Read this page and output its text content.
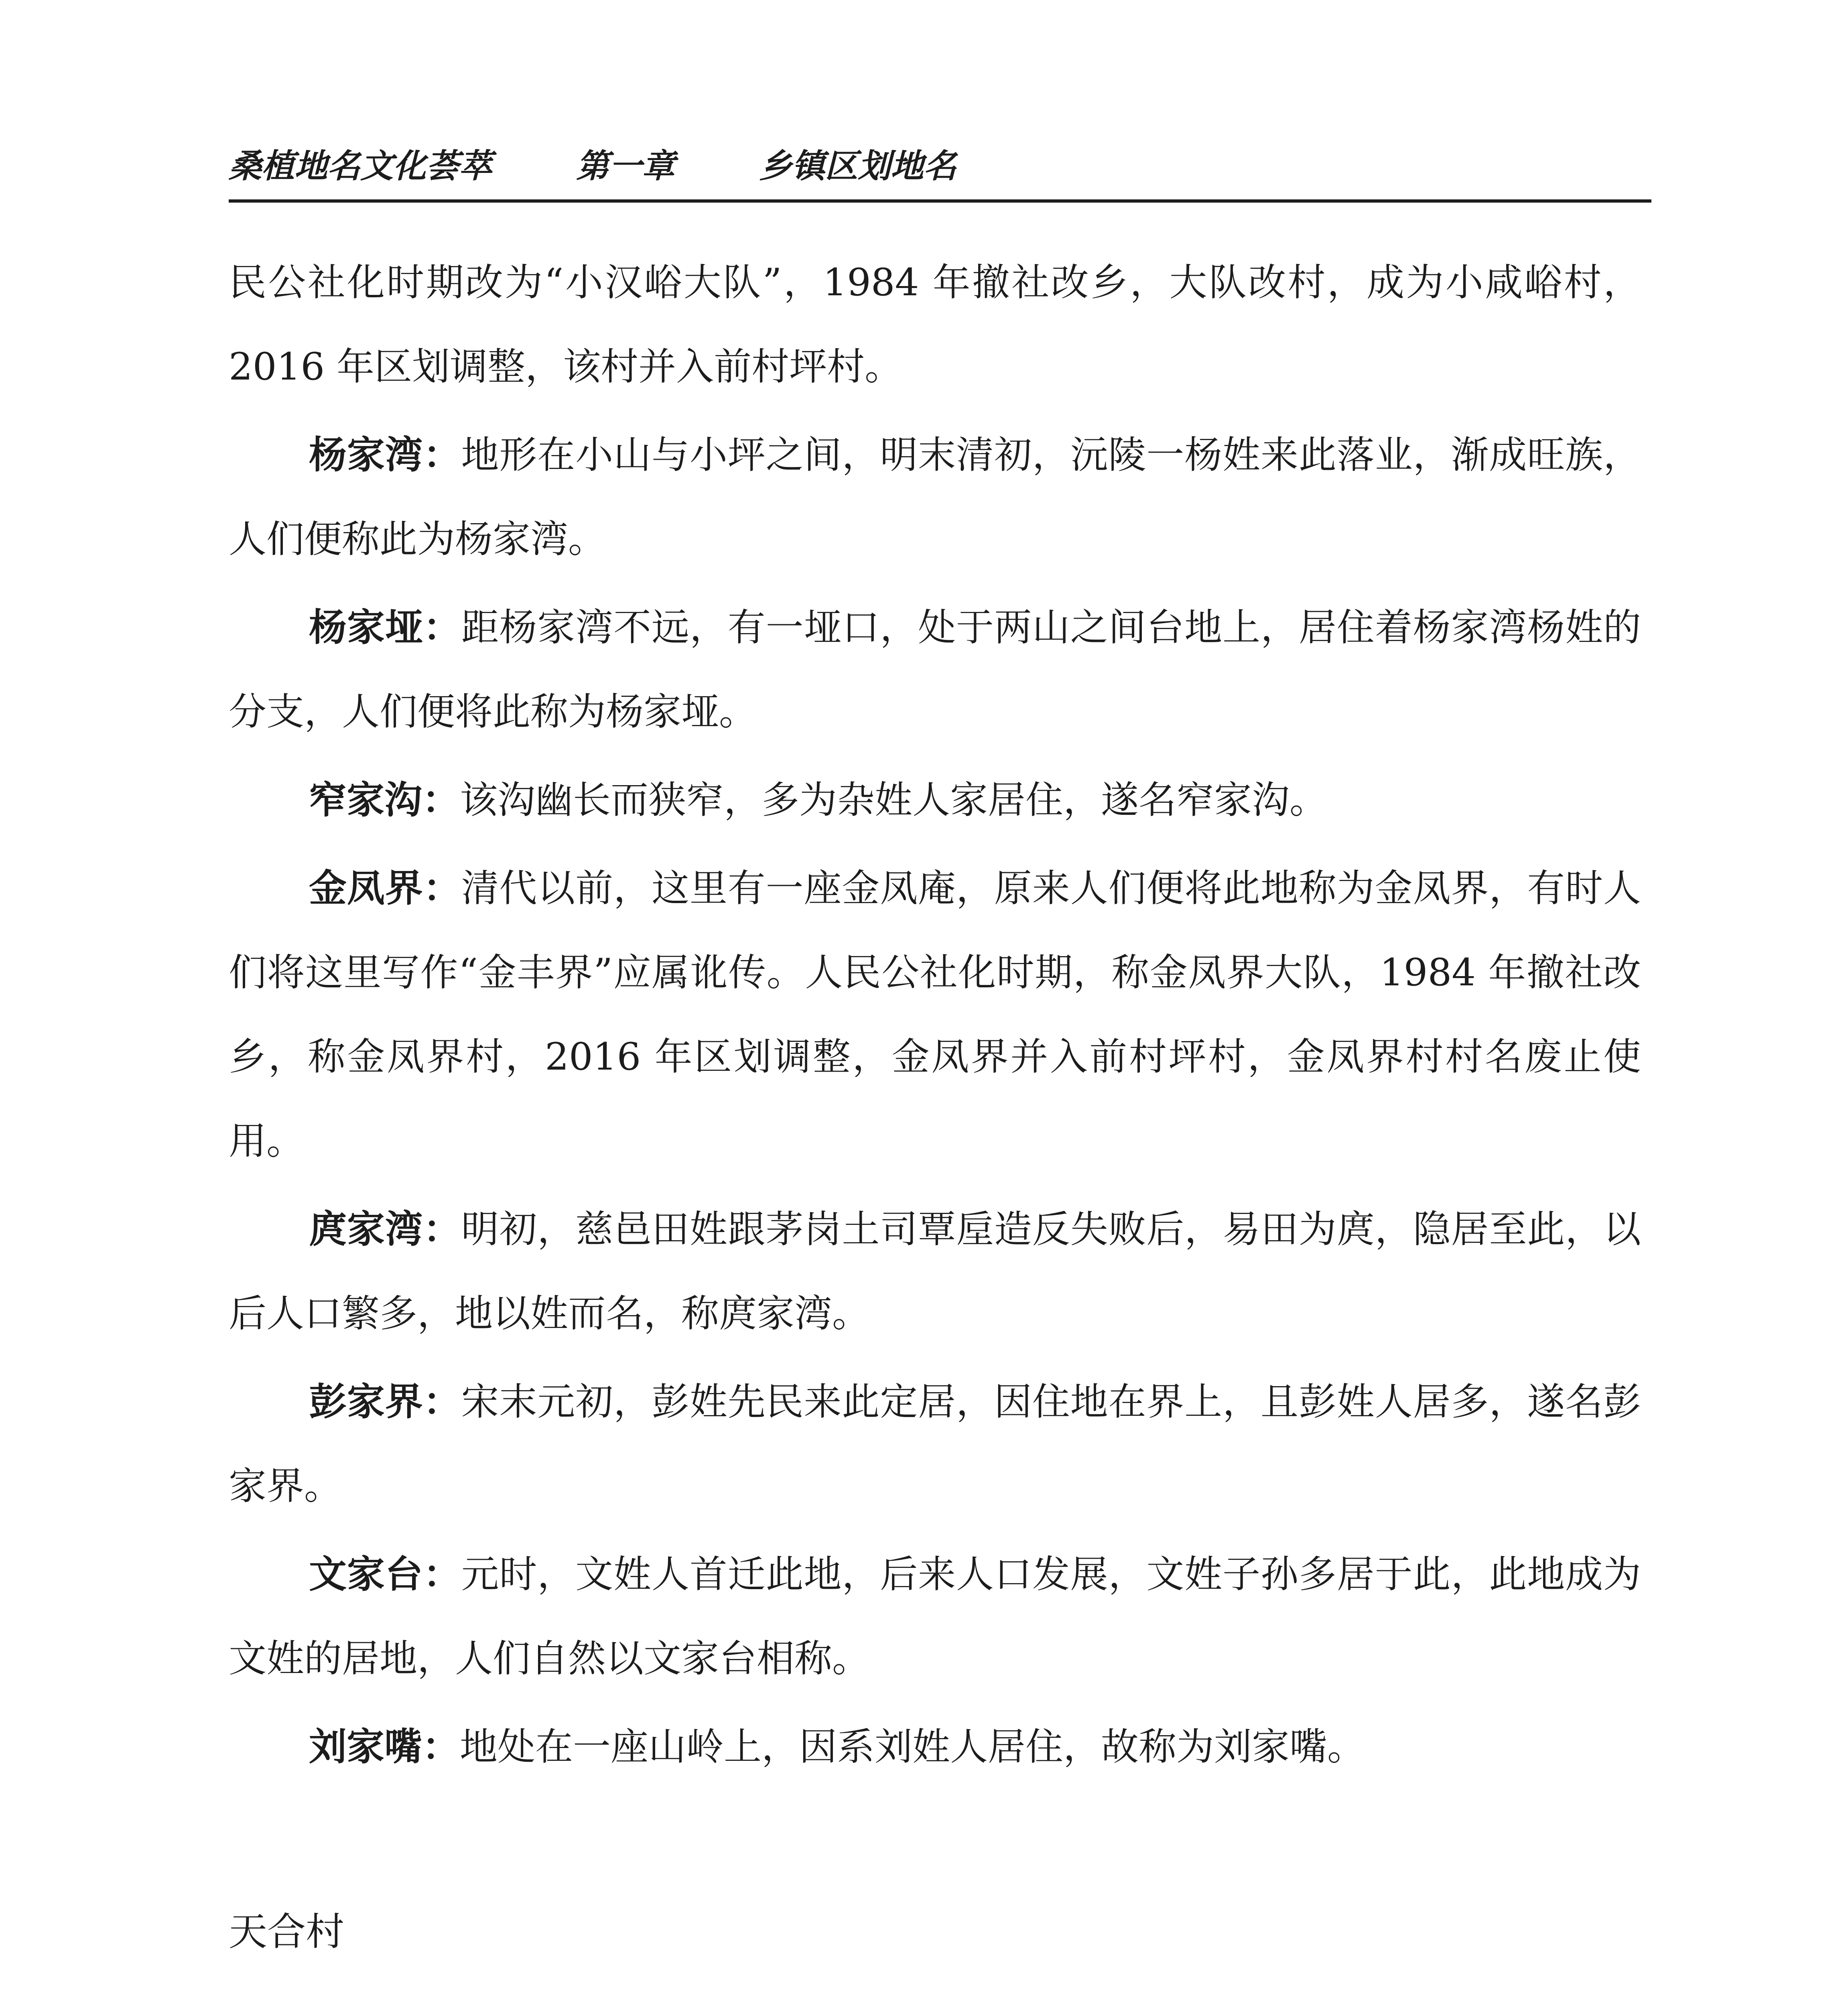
桑植地名文化荟萃	第一章	乡镇区划地名

民公社化时期改为“小汉峪大队”，1984 年撤社改乡，大队改村，成为小咸峪村，2016 年区划调整，该村并入前村坪村。

杨家湾：地形在小山与小坪之间，明末清初，沅陵一杨姓来此落业，渐成旺族，人们便称此为杨家湾。

杨家垭：距杨家湾不远，有一垭口，处于两山之间台地上，居住着杨家湾杨姓的分支，人们便将此称为杨家垭。

窄家沟：该沟幽长而狭窄，多为杂姓人家居住，遂名窄家沟。

金凤界：清代以前，这里有一座金凤庵，原来人们便将此地称为金凤界，有时人们将这里写作“金丰界”应属讹传。人民公社化时期，称金凤界大队，1984 年撤社改乡，称金凤界村，2016 年区划调整，金凤界并入前村坪村，金凤界村村名废止使用。

庹家湾：明初，慈邑田姓跟茅岗土司覃垕造反失败后，易田为庹，隐居至此，以后人口繁多，地以姓而名，称庹家湾。

彭家界：宋末元初，彭姓先民来此定居，因住地在界上，且彭姓人居多，遂名彭家界。

文家台：元时，文姓人首迁此地，后来人口发展，文姓子孙多居于此，此地成为文姓的居地，人们自然以文家台相称。

刘家嘴：地处在一座山岭上，因系刘姓人居住，故称为刘家嘴。

天合村
